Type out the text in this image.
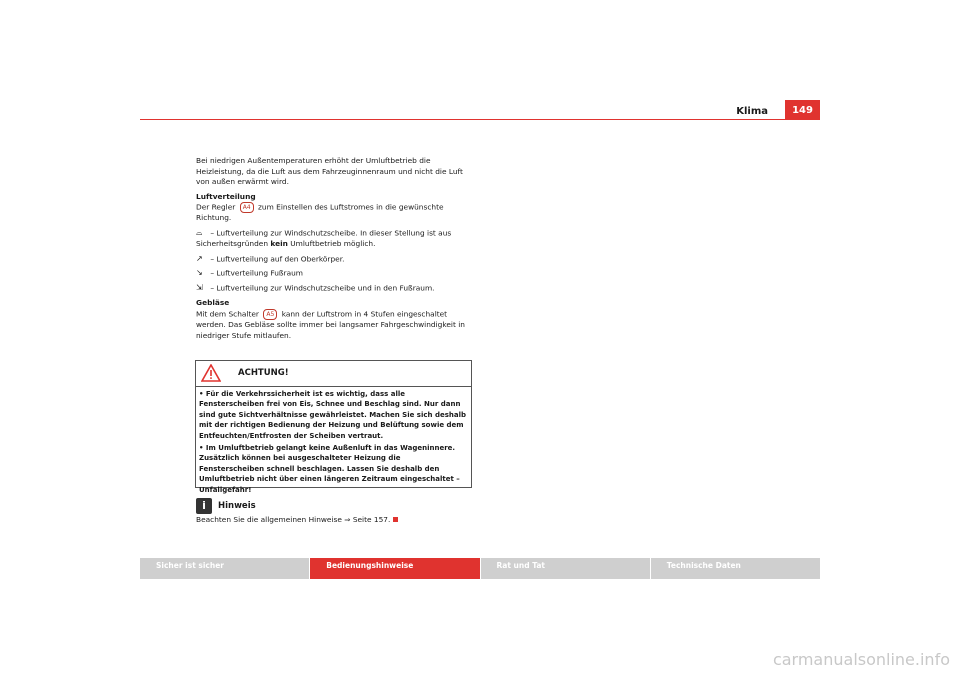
Klima	149

Bei niedrigen Außentemperaturen erhöht der Umluftbetrieb die Heizleistung, da die Luft aus dem Fahrzeuginnenraum und nicht die Luft von außen erwärmt wird.

Luftverteilung

Der Regler A4 zum Einstellen des Luftstromes in die gewünschte Richtung.

⌓ – Luftverteilung zur Windschutzscheibe. In dieser Stellung ist aus Sicherheitsgründen kein Umluftbetrieb möglich.

↗ – Luftverteilung auf den Oberkörper.

↘ – Luftverteilung Fußraum

⇲ – Luftverteilung zur Windschutzscheibe und in den Fußraum.

Gebläse

Mit dem Schalter A5 kann der Luftstrom in 4 Stufen eingeschaltet werden. Das Gebläse sollte immer bei langsamer Fahrgeschwindigkeit in niedriger Stufe mitlaufen.

ACHTUNG!

• Für die Verkehrssicherheit ist es wichtig, dass alle Fensterscheiben frei von Eis, Schnee und Beschlag sind. Nur dann sind gute Sichtverhältnisse gewährleistet. Machen Sie sich deshalb mit der richtigen Bedienung der Heizung und Belüftung sowie dem Entfeuchten/Entfrosten der Scheiben vertraut.

• Im Umluftbetrieb gelangt keine Außenluft in das Wageninnere. Zusätzlich können bei ausgeschalteter Heizung die Fensterscheiben schnell beschlagen. Lassen Sie deshalb den Umluftbetrieb nicht über einen längeren Zeitraum eingeschaltet – Unfallgefahr!

i	Hinweis

Beachten Sie die allgemeinen Hinweise ⇒ Seite 157.

Sicher ist sicher	Bedienungshinweise	Rat und Tat	Technische Daten
carmanualsonline.info
